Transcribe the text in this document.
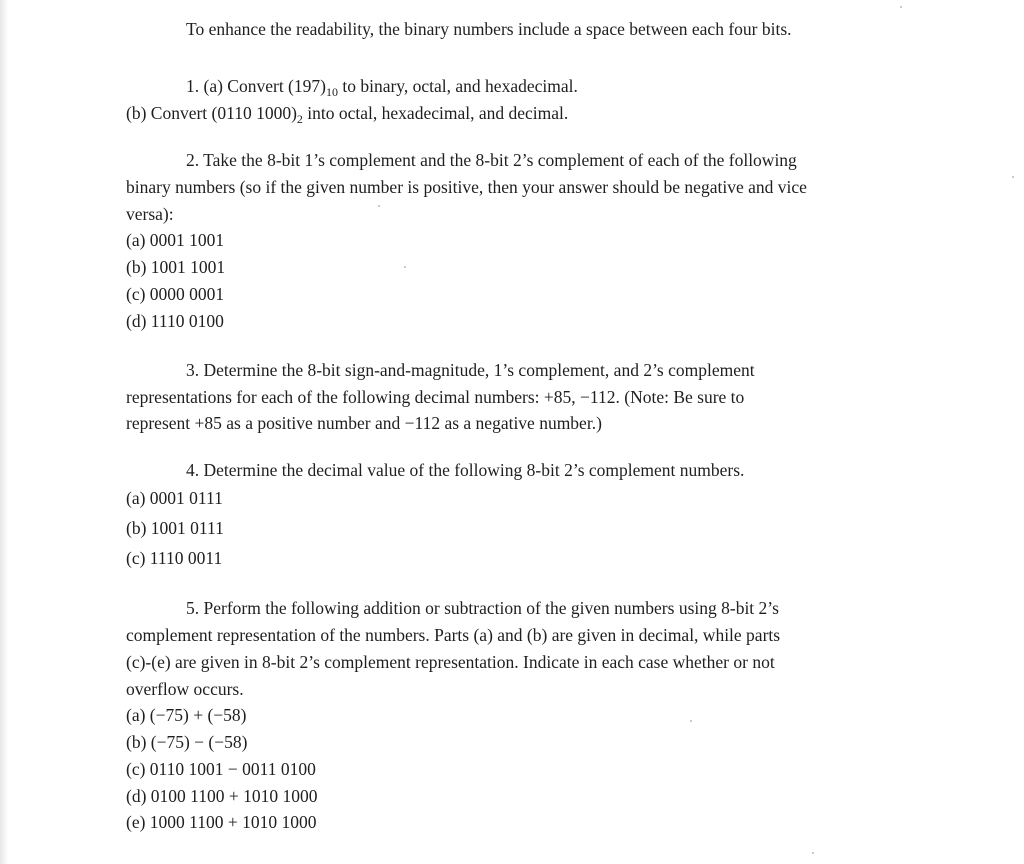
To enhance the readability, the binary numbers include a space between each four bits.
1. (a) Convert $(197)_{10}$ to binary, octal, and hexadecimal.
(b) Convert (0110 $1000)_2$ into octal, hexadecimal, and decimal.
2. Take the 8-bit 1’s complement and the 8-bit 2’s complement of each of the following
binary numbers (so if the given number is positive, then your answer should be negative and vice
versa):
(a) 0001 1001
(b) 1001 1001
(c) 0000 0001
(d) 1110 0100
3. Determine the 8-bit sign-and-magnitude, 1’s complement, and 2’s complement
representations for each of the following decimal numbers: +85, −112. (Note: Be sure to
represent +85 as a positive number and −112 as a negative number.)
4. Determine the decimal value of the following 8-bit 2’s complement numbers.
(a) 0001 0111
(b) 1001 0111
(c) 1110 0011
5. Perform the following addition or subtraction of the given numbers using 8-bit 2’s
complement representation of the numbers. Parts (a) and (b) are given in decimal, while parts
(c)-(e) are given in 8-bit 2’s complement representation. Indicate in each case whether or not
overflow occurs.
(a) (−75) + (−58)
(b) (−75) − (−58)
(c) 0110 1001 − 0011 0100
(d) 0100 1100 + 1010 1000
(e) 1000 1100 + 1010 1000
